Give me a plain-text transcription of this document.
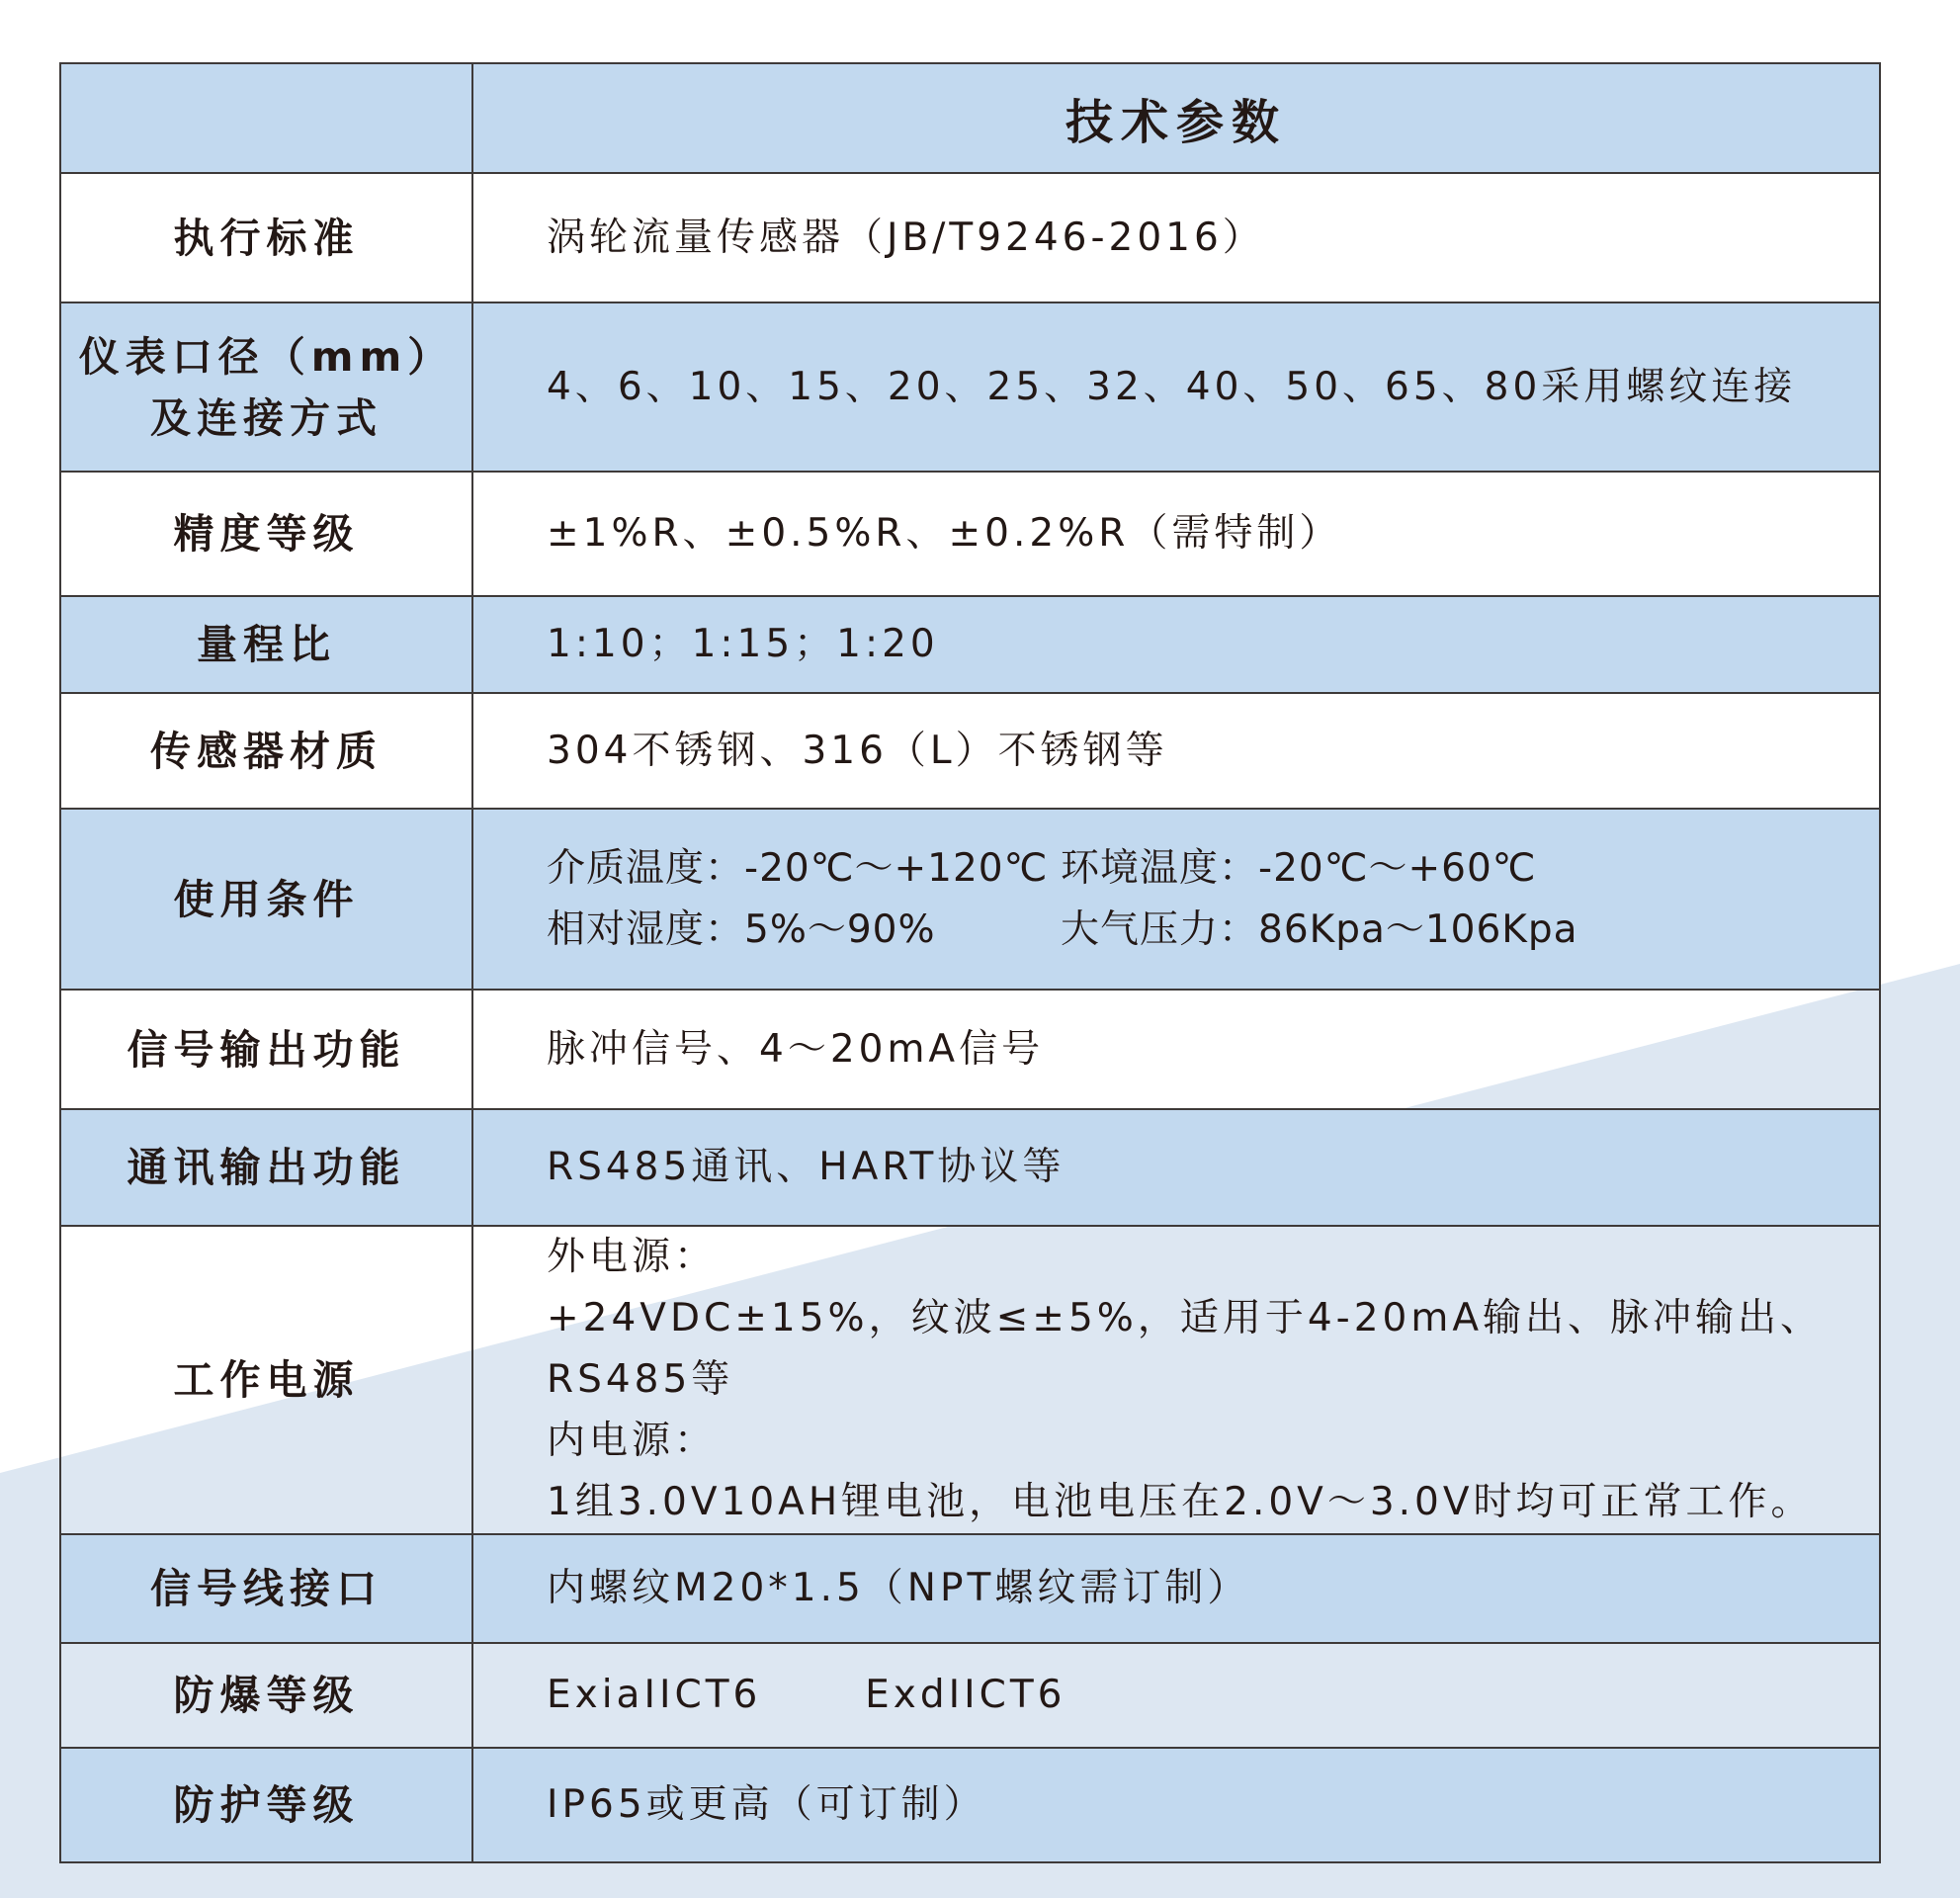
	技术参数
执行标准	涡轮流量传感器（JB/T9246-2016）

仪表口径（mm）
及连接方式	4、6、10、15、20、25、32、40、50、65、80采用螺纹连接
精度等级	±1%R、±0.5%R、±0.2%R（需特制）
量程比	1:10；1:15；1:20
传感器材质	304不锈钢、316（L）不锈钢等
使用条件	介质温度：-20℃～+120℃ 环境温度：-20℃～+60℃
相对湿度：5%～90% 大气压力：86Kpa～106Kpa

信号输出功能	脉冲信号、4～20mA信号
通讯输出功能	RS485通讯、HART协议等
工作电源	外电源：
+24VDC±15%，纹波≤±5%，适用于4-20mA输出、脉冲输出、RS485等
内电源：
1组3.0V10AH锂电池，电池电压在2.0V～3.0V时均可正常工作。

信号线接口	内螺纹M20*1.5（NPT螺纹需订制）
防爆等级	ExiaIICT6 ExdIICT6
防护等级	IP65或更高（可订制）
